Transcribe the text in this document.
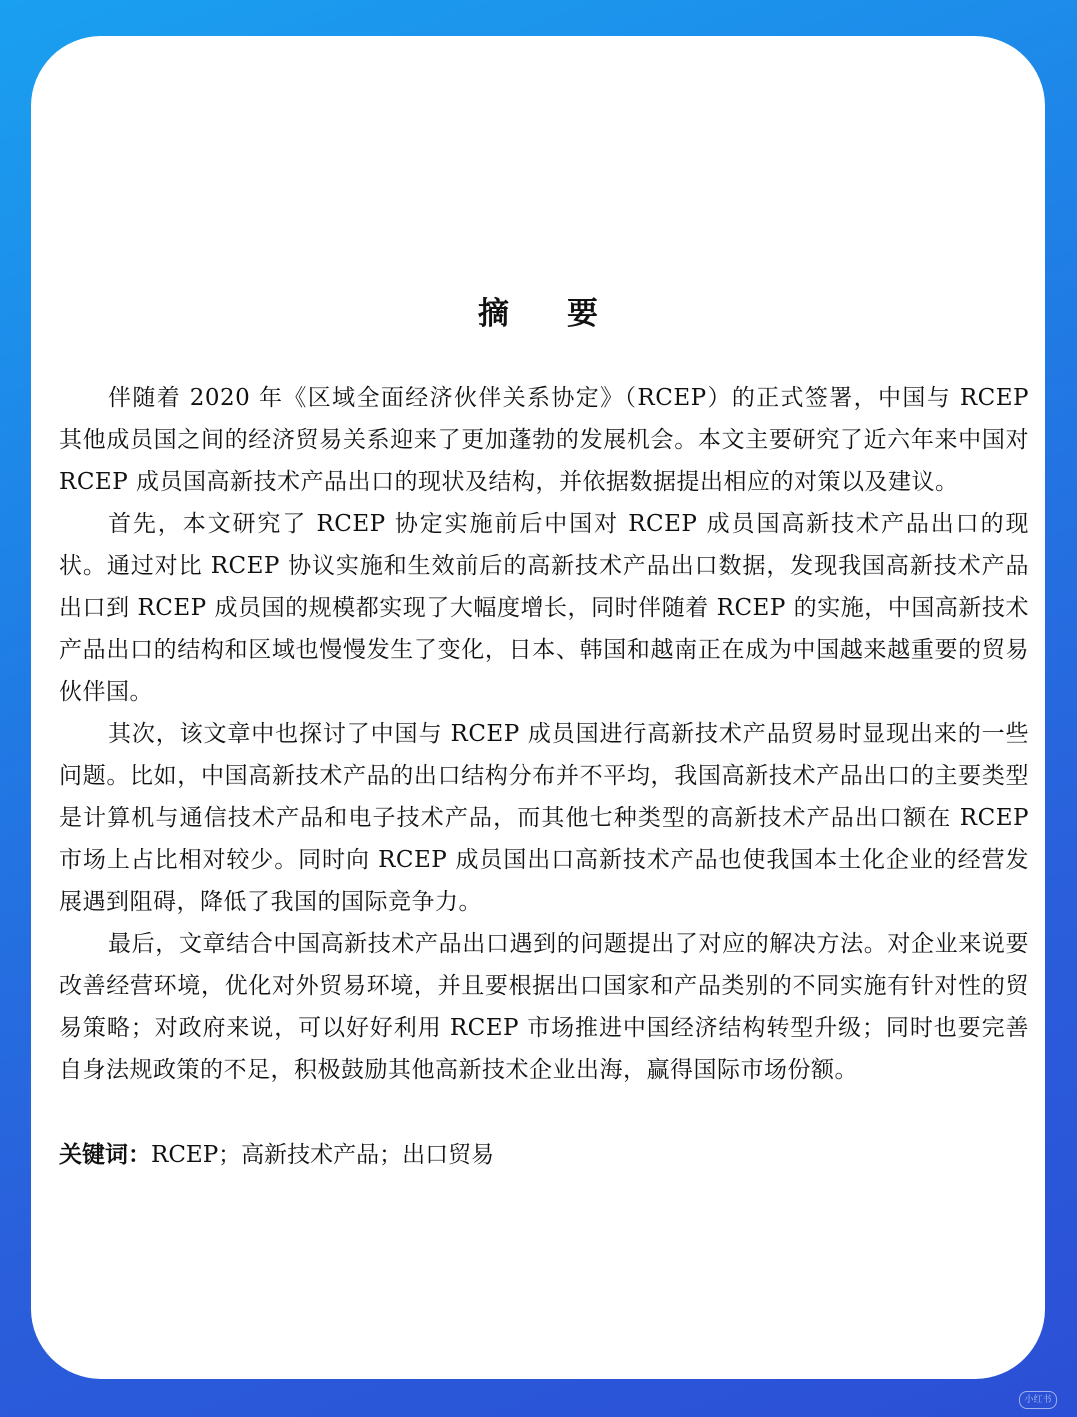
摘要

伴随着 2020 年《区域全面经济伙伴关系协定》（RCEP）的正式签署，中国与 RCEP 其他成员国之间的经济贸易关系迎来了更加蓬勃的发展机会。本文主要研究了近六年来中国对 RCEP 成员国高新技术产品出口的现状及结构，并依据数据提出相应的对策以及建议。

首先，本文研究了 RCEP 协定实施前后中国对 RCEP 成员国高新技术产品出口的现状。通过对比 RCEP 协议实施和生效前后的高新技术产品出口数据，发现我国高新技术产品出口到 RCEP 成员国的规模都实现了大幅度增长，同时伴随着 RCEP 的实施，中国高新技术产品出口的结构和区域也慢慢发生了变化，日本、韩国和越南正在成为中国越来越重要的贸易伙伴国。

其次，该文章中也探讨了中国与 RCEP 成员国进行高新技术产品贸易时显现出来的一些问题。比如，中国高新技术产品的出口结构分布并不平均，我国高新技术产品出口的主要类型是计算机与通信技术产品和电子技术产品，而其他七种类型的高新技术产品出口额在 RCEP 市场上占比相对较少。同时向 RCEP 成员国出口高新技术产品也使我国本土化企业的经营发展遇到阻碍，降低了我国的国际竞争力。

最后，文章结合中国高新技术产品出口遇到的问题提出了对应的解决方法。对企业来说要改善经营环境，优化对外贸易环境，并且要根据出口国家和产品类别的不同实施有针对性的贸易策略；对政府来说，可以好好利用 RCEP 市场推进中国经济结构转型升级；同时也要完善自身法规政策的不足，积极鼓励其他高新技术企业出海，赢得国际市场份额。

关键词：RCEP；高新技术产品；出口贸易
小红书
